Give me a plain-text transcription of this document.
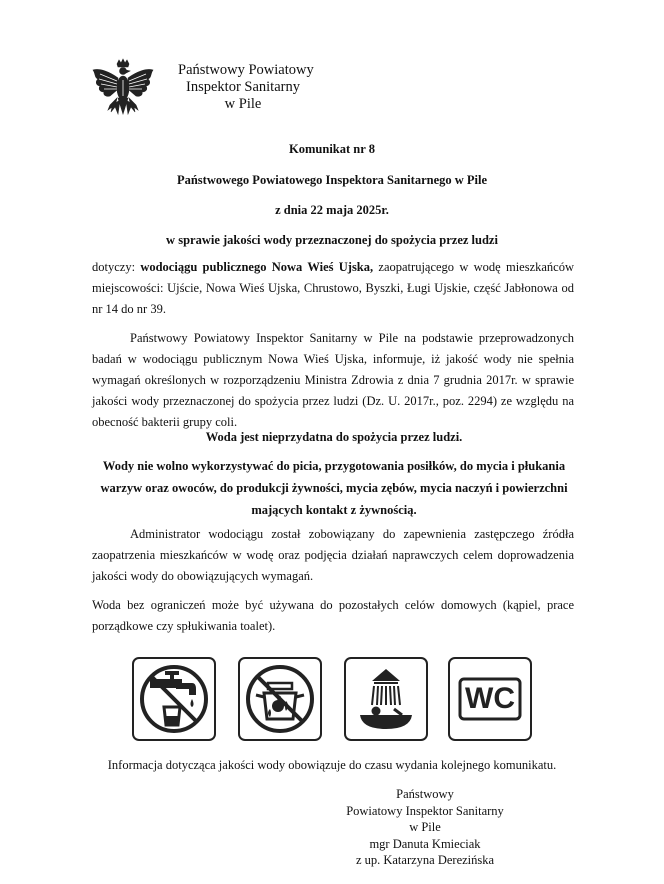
Państwowy Powiatowy
Inspektor Sanitarny
w Pile
Komunikat nr 8
Państwowego Powiatowego Inspektora Sanitarnego w Pile
z dnia 22 maja 2025r.
w sprawie jakości wody przeznaczonej do spożycia przez ludzi
dotyczy: wodociągu publicznego Nowa Wieś Ujska, zaopatrującego w wodę mieszkańców miejscowości: Ujście, Nowa Wieś Ujska, Chrustowo, Byszki, Ługi Ujskie, część Jabłonowa od nr 14 do nr 39.
Państwowy Powiatowy Inspektor Sanitarny w Pile na podstawie przeprowadzonych badań w wodociągu publicznym Nowa Wieś Ujska, informuje, iż jakość wody nie spełnia wymagań określonych w rozporządzeniu Ministra Zdrowia z dnia 7 grudnia 2017r. w sprawie jakości wody przeznaczonej do spożycia przez ludzi (Dz. U. 2017r., poz. 2294) ze względu na obecność bakterii grupy coli.
Woda jest nieprzydatna do spożycia przez ludzi.
Wody nie wolno wykorzystywać do picia, przygotowania posiłków, do mycia i płukania warzyw oraz owoców, do produkcji żywności, mycia zębów, mycia naczyń i powierzchni mających kontakt z żywnością.
Administrator wodociągu został zobowiązany do zapewnienia zastępczego źródła zaopatrzenia mieszkańców w wodę oraz podjęcia działań naprawczych celem doprowadzenia jakości wody do obowiązujących wymagań.
Woda bez ograniczeń może być używana do pozostałych celów domowych (kąpiel, prace porządkowe czy spłukiwania toalet).
WC
Informacja dotycząca jakości wody obowiązuje do czasu wydania kolejnego komunikatu.
Państwowy
Powiatowy Inspektor Sanitarny
w Pile
mgr Danuta Kmieciak
z up. Katarzyna Derezińska
